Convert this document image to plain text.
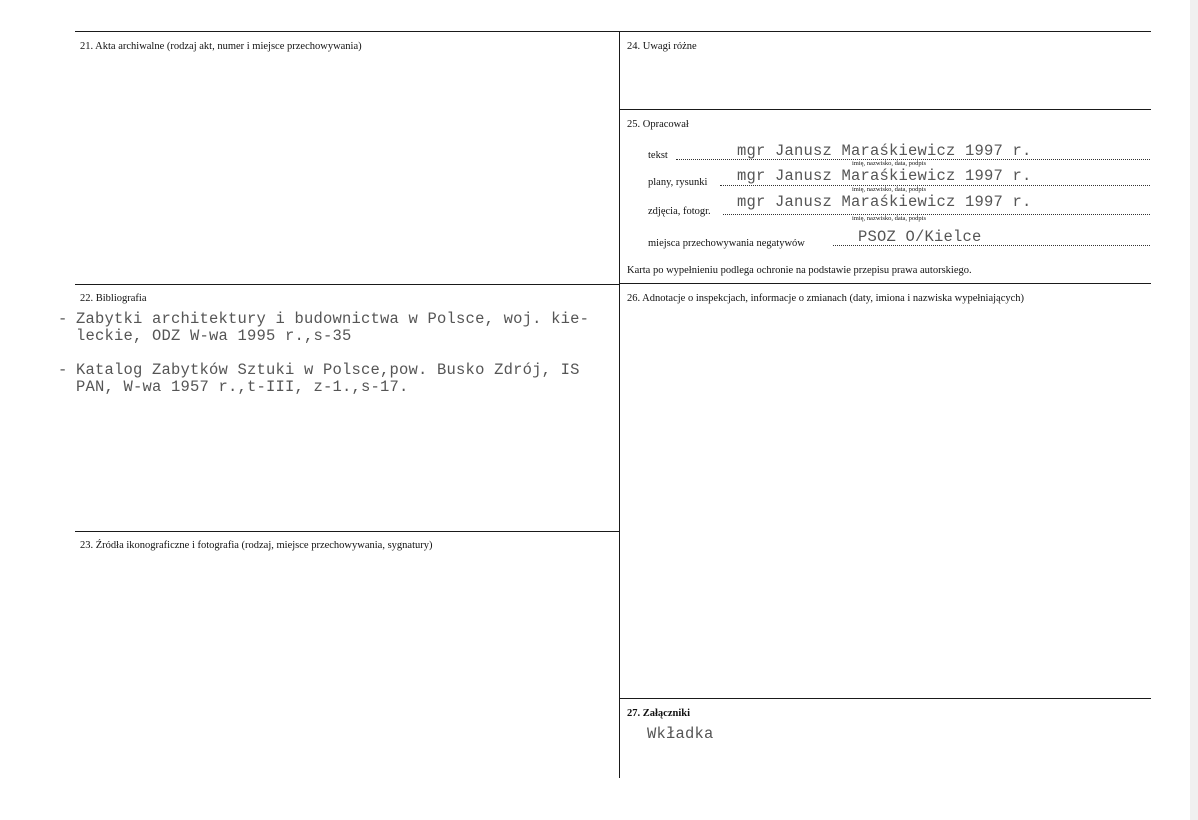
21. Akta archiwalne (rodzaj akt, numer i miejsce przechowywania)
22. Bibliografia
- Zabytki architektury i budownictwa w Polsce, woj. kie-
leckie, ODZ W-wa 1995 r.,s-35
- Katalog Zabytków Sztuki w Polsce,pow. Busko Zdrój, IS
PAN, W-wa 1957 r.,t-III, z-1.,s-17.
23. Źródła ikonograficzne i fotografia (rodzaj, miejsce przechowywania, sygnatury)
24. Uwagi różne
25. Opracował
tekst	mgr Janusz Maraśkiewicz 1997 r.
imię, nazwisko, data, podpis
plany, rysunki mgr Janusz Maraśkiewicz 1997 r.
imię, nazwisko, data, podpis
zdjęcia, fotogr.
mgr Janusz Maraśkiewicz 1997 r.
imię, nazwisko, data, podpis
miejsca przechowywania negatywów	PSOZ O/Kielce
Karta po wypełnieniu podlega ochronie na podstawie przepisu prawa autorskiego.
26. Adnotacje o inspekcjach, informacje o zmianach (daty, imiona i nazwiska wypełniających)
27. Załączniki
Wkładka
